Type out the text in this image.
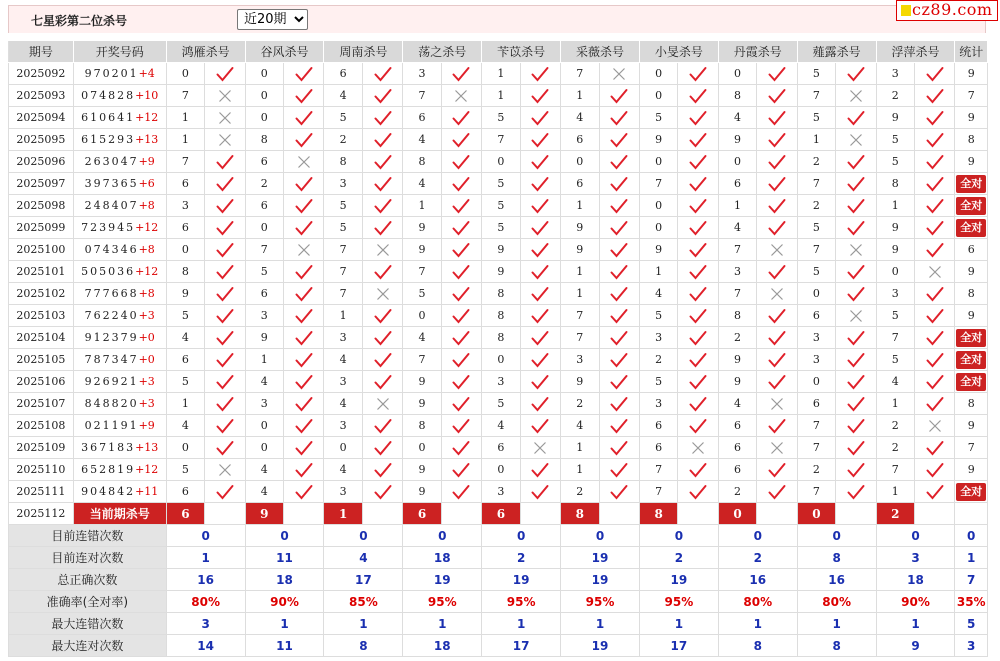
七星彩第二位杀号
近20期
cz89.com
期号	开奖号码	鸿雁杀号		谷风杀号		周南杀号		荡之杀号		苄苡杀号		采薇杀号		小旻杀号		丹霞杀号		薤露杀号		浮萍杀号		统计
2025092	970201+4	0		0		6		3		1		7		0		0		5		3		9
2025093	074828+10	7		0		4		7		1		1		0		8		7		2		7
2025094	610641+12	1		0		5		6		5		4		5		4		5		9		9
2025095	615293+13	1		8		2		4		7		6		9		9		1		5		8
2025096	263047+9	7		6		8		8		0		0		0		0		2		5		9
2025097	397365+6	6		2		3		4		5		6		7		6		7		8		全对
2025098	248407+8	3		6		5		1		5		1		0		1		2		1		全对
2025099	723945+12	6		0		5		9		5		9		0		4		5		9		全对
2025100	074346+8	0		7		7		9		9		9		9		7		7		9		6
2025101	505036+12	8		5		7		7		9		1		1		3		5		0		9
2025102	777668+8	9		6		7		5		8		1		4		7		0		3		8
2025103	762240+3	5		3		1		0		8		7		5		8		6		5		9
2025104	912379+0	4		9		3		4		8		7		3		2		3		7		全对
2025105	787347+0	6		1		4		7		0		3		2		9		3		5		全对
2025106	926921+3	5		4		3		9		3		9		5		9		0		4		全对
2025107	848820+3	1		3		4		9		5		2		3		4		6		1		8
2025108	021191+9	4		0		3		8		4		4		6		6		7		2		9
2025109	367183+13	0		0		0		0		6		1		6		6		7		2		7
2025110	652819+12	5		4		4		9		0		1		7		6		2		7		9
2025111	904842+11	6		4		3		9		3		2		7		2		7		1		全对
2025112	当前期杀号	6		9		1		6		6		8		8		0		0		2		
目前连错次数		0		0		0		0		0		0		0		0		0		0		0
目前连对次数		1		11		4		18		2		19		2		2		8		3		1
总正确次数		16		18		17		19		19		19		19		16		16		18		7
准确率(全对率)		80%		90%		85%		95%		95%		95%		95%		80%		80%		90%		35%
最大连错次数		3		1		1		1		1		1		1		1		1		1		5
最大连对次数		14		11		8		18		17		19		17		8		8		9		3
